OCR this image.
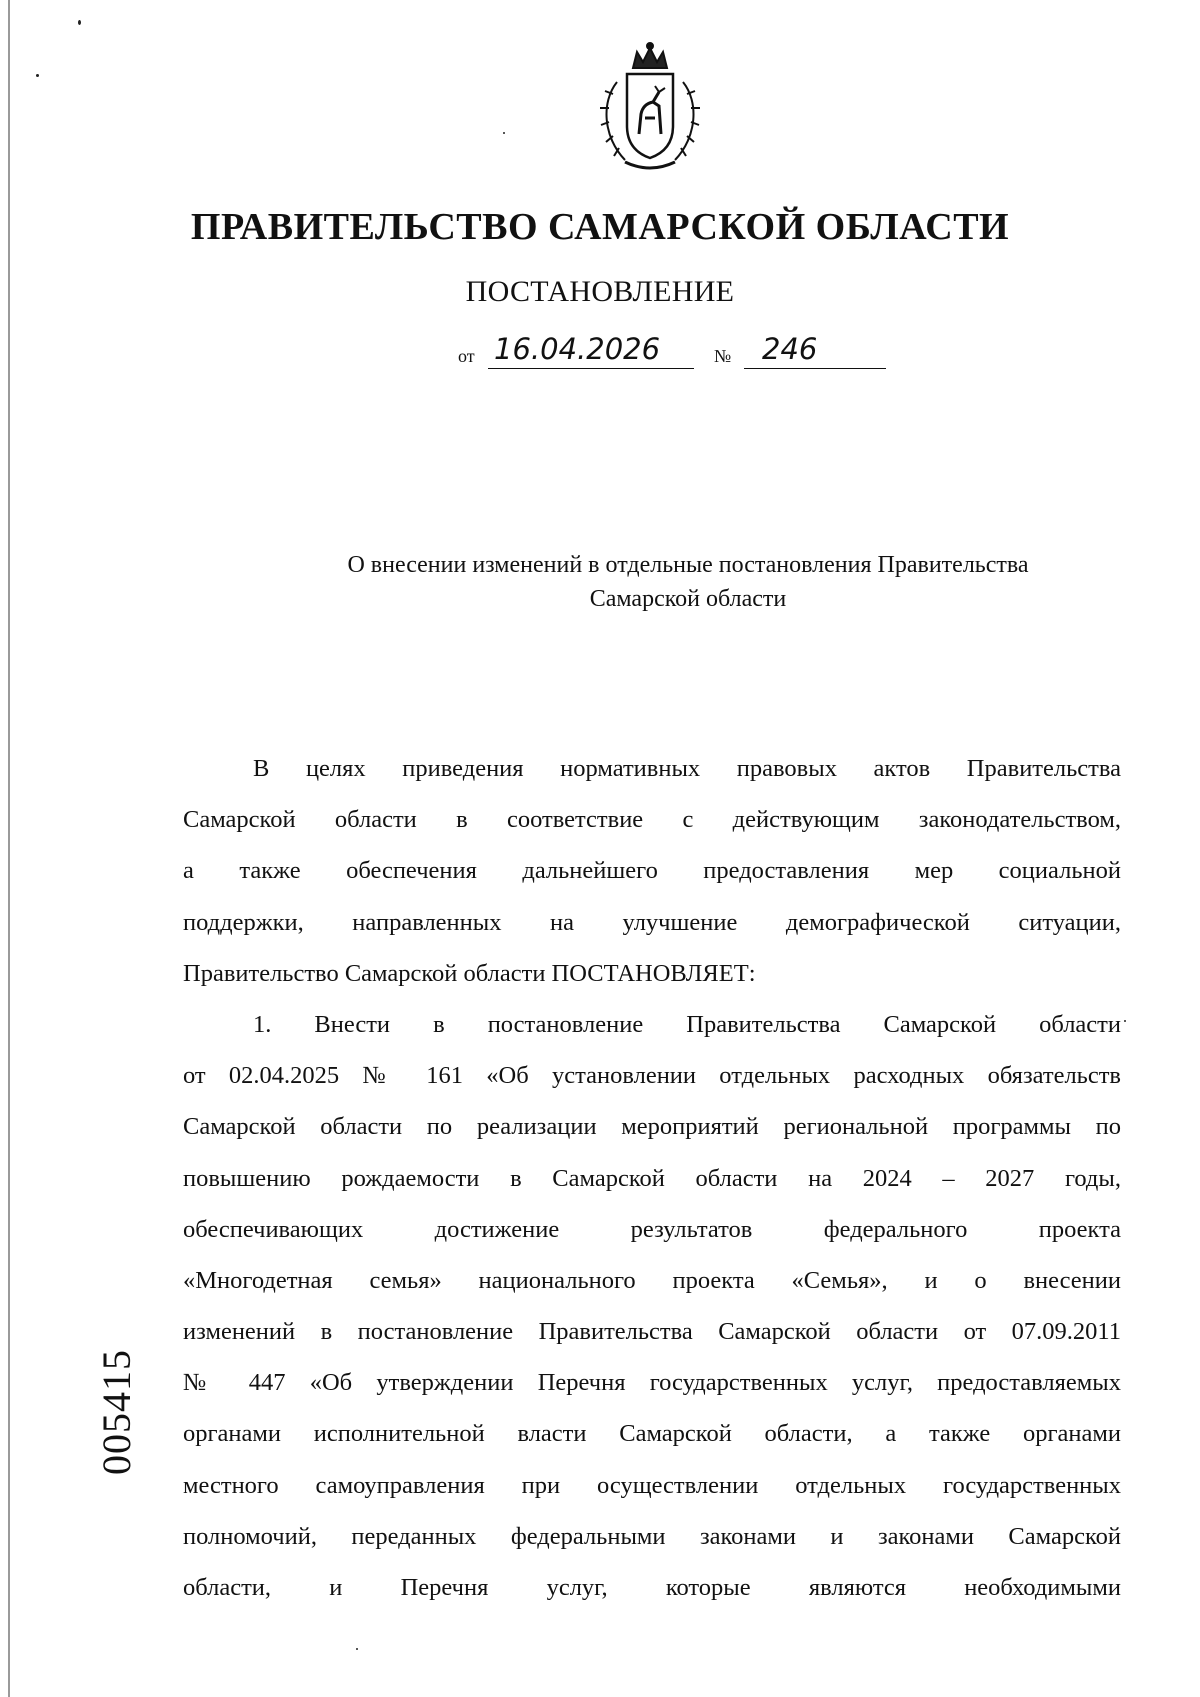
ПРАВИТЕЛЬСТВО САМАРСКОЙ ОБЛАСТИ
ПОСТАНОВЛЕНИЕ
от 16.04.2026	№	246
О внесении изменений в отдельные постановления Правительства
Самарской области
В целях приведения нормативных правовых актов Правительства
Самарской области в соответствие с действующим законодательством,
а также обеспечения дальнейшего предоставления мер социальной
поддержки, направленных на улучшение демографической ситуации,
Правительство Самарской области ПОСТАНОВЛЯЕТ:
1. Внести в постановление Правительства Самарской области
от 02.04.2025 № 161 «Об установлении отдельных расходных обязательств
Самарской области по реализации мероприятий региональной программы по
повышению рождаемости в Самарской области на 2024 – 2027 годы,
обеспечивающих достижение результатов федерального проекта
«Многодетная семья» национального проекта «Семья», и о внесении
изменений в постановление Правительства Самарской области от 07.09.2011
№ 447 «Об утверждении Перечня государственных услуг, предоставляемых
органами исполнительной власти Самарской области, а также органами
местного самоуправления при осуществлении отдельных государственных
полномочий, переданных федеральными законами и законами Самарской
области, и Перечня услуг, которые являются необходимыми
005415
